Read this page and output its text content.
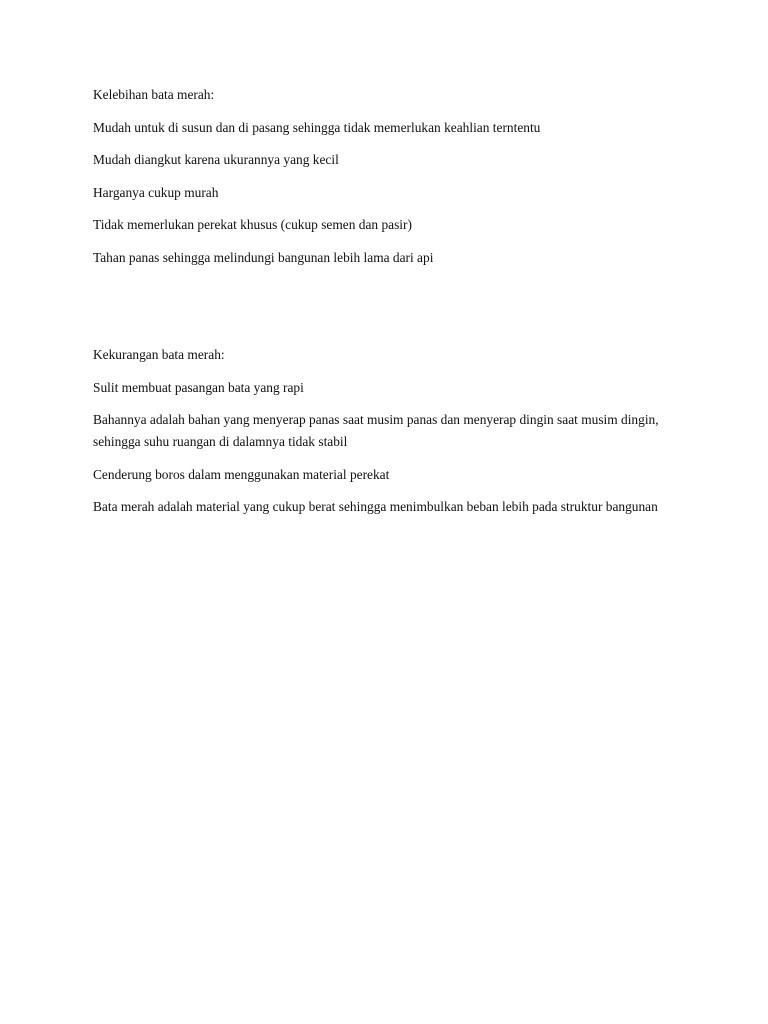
Kelebihan bata merah:

Mudah untuk di susun dan di pasang sehingga tidak memerlukan keahlian terntentu

Mudah diangkut karena ukurannya yang kecil

Harganya cukup murah

Tidak memerlukan perekat khusus (cukup semen dan pasir)

Tahan panas sehingga melindungi bangunan lebih lama dari api

Kekurangan bata merah:

Sulit membuat pasangan bata yang rapi

Bahannya adalah bahan yang menyerap panas saat musim panas dan menyerap dingin saat musim dingin, sehingga suhu ruangan di dalamnya tidak stabil

Cenderung boros dalam menggunakan material perekat

Bata merah adalah material yang cukup berat sehingga menimbulkan beban lebih pada struktur bangunan
